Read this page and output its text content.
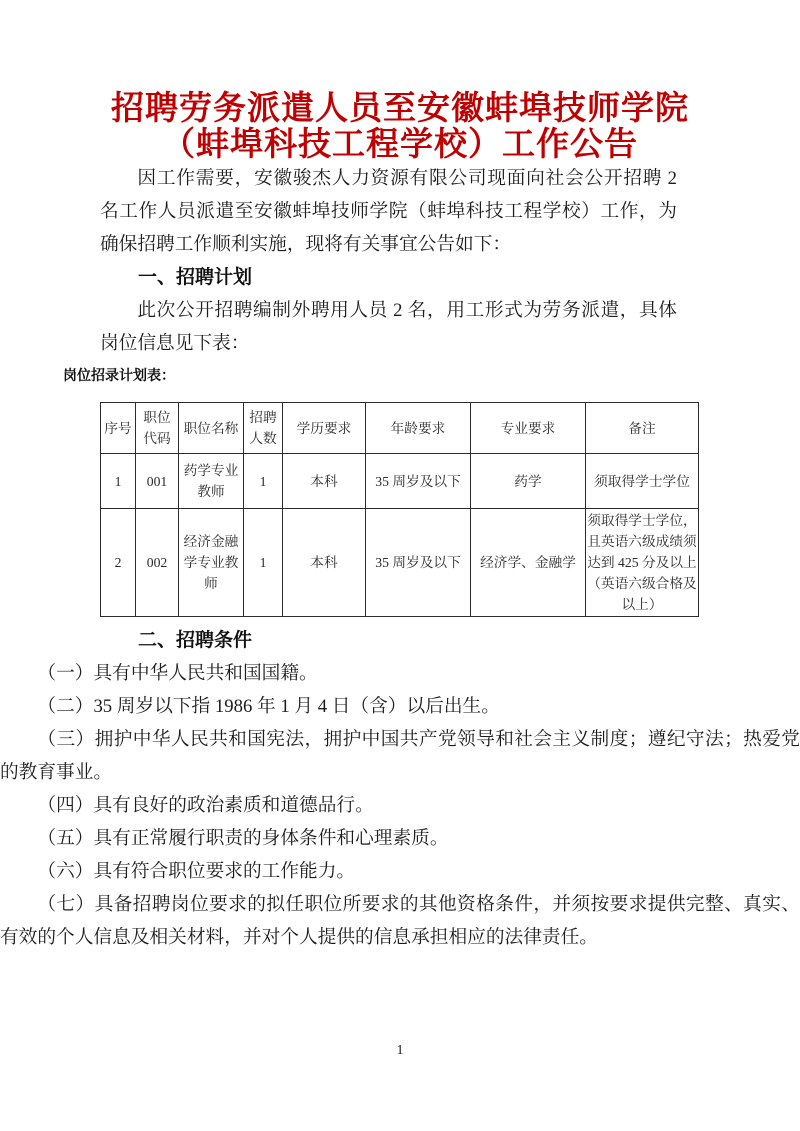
招聘劳务派遣人员至安徽蚌埠技师学院
（蚌埠科技工程学校）工作公告

因工作需要，安徽骏杰人力资源有限公司现面向社会公开招聘 2 名工作人员派遣至安徽蚌埠技师学院（蚌埠科技工程学校）工作，为确保招聘工作顺利实施，现将有关事宜公告如下：

一、招聘计划

此次公开招聘编制外聘用人员 2 名，用工形式为劳务派遣，具体岗位信息见下表：

岗位招录计划表：

序号	职位代码	职位名称	招聘人数	学历要求	年龄要求	专业要求	备注
1	001	药学专业教师	1	本科	35 周岁及以下	药学	须取得学士学位
2	002	经济金融学专业教师	1	本科	35 周岁及以下	经济学、金融学	须取得学士学位，且英语六级成绩须达到 425 分及以上（英语六级合格及以上）
二、招聘条件

（一）具有中华人民共和国国籍。

（二）35 周岁以下指 1986 年 1 月 4 日（含）以后出生。

（三）拥护中华人民共和国宪法，拥护中国共产党领导和社会主义制度；遵纪守法；热爱党的教育事业。

（四）具有良好的政治素质和道德品行。

（五）具有正常履行职责的身体条件和心理素质。

（六）具有符合职位要求的工作能力。

（七）具备招聘岗位要求的拟任职位所要求的其他资格条件，并须按要求提供完整、真实、有效的个人信息及相关材料，并对个人提供的信息承担相应的法律责任。

1
